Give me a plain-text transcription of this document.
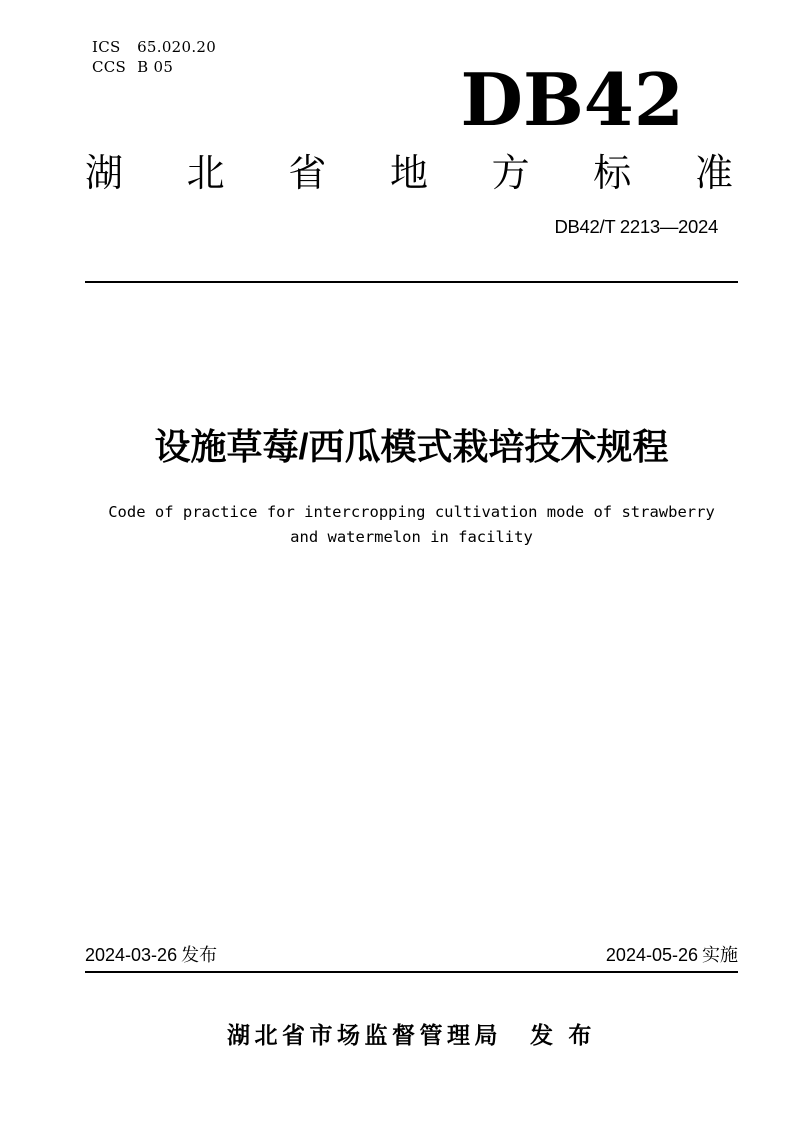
ICS 65.020.20
CCS B 05	DB42
湖 北 省 地 方 标 准
DB42/T 2213—2024
设施草莓/西瓜模式栽培技术规程
Code of practice for intercropping cultivation mode of strawberry
and watermelon in facility
2024-03-26 发布	2024-05-26 实施
湖北省市场监督管理局 发 布
